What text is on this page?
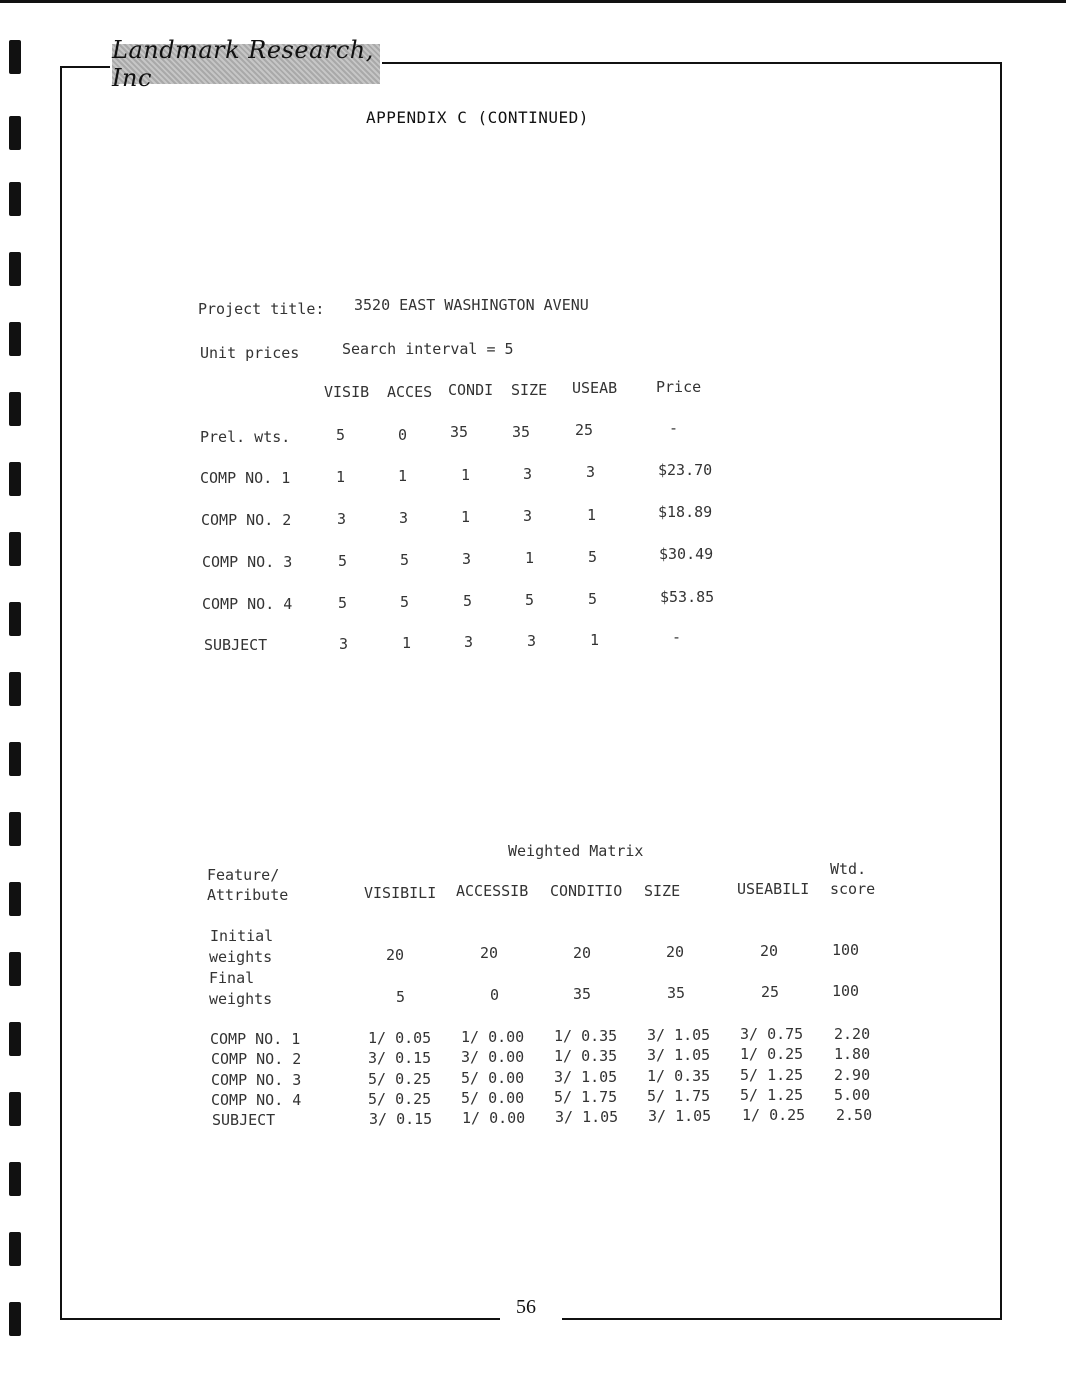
Landmark Research, Inc
APPENDIX C (CONTINUED)
Project title: 3520 EAST WASHINGTON AVENU
Unit prices	Search interval = 5
VISIB ACCES CONDI SIZE USEAB	Price
Prel. wts.	5	0	35	35	25	-
COMP NO. 1	1	1	1	3	3	$23.70
COMP NO. 2	3	3	1	3	1	$18.89
COMP NO. 3	5	5	3	1	5	$30.49
COMP NO. 4	5	5	5	5	5	$53.85
SUBJECT	3	1	3	3	1	-
Weighted Matrix
Feature/
Attribute
Wtd.
score
VISIBILI ACCESSIB CONDITIO SIZE	USEABILI
Initial
weights	20	20	20	20	20	100
Final
weights	5	0	35	35	25	100
COMP NO. 1	1/ 0.05 1/ 0.00 1/ 0.35 3/ 1.05 3/ 0.75 2.20
COMP NO. 2	3/ 0.15 3/ 0.00 1/ 0.35 3/ 1.05 1/ 0.25 1.80
COMP NO. 3	5/ 0.25 5/ 0.00 3/ 1.05 1/ 0.35 5/ 1.25 2.90
COMP NO. 4	5/ 0.25 5/ 0.00 5/ 1.75 5/ 1.75 5/ 1.25 5.00
SUBJECT	3/ 0.15 1/ 0.00 3/ 1.05 3/ 1.05 1/ 0.25 2.50
56
